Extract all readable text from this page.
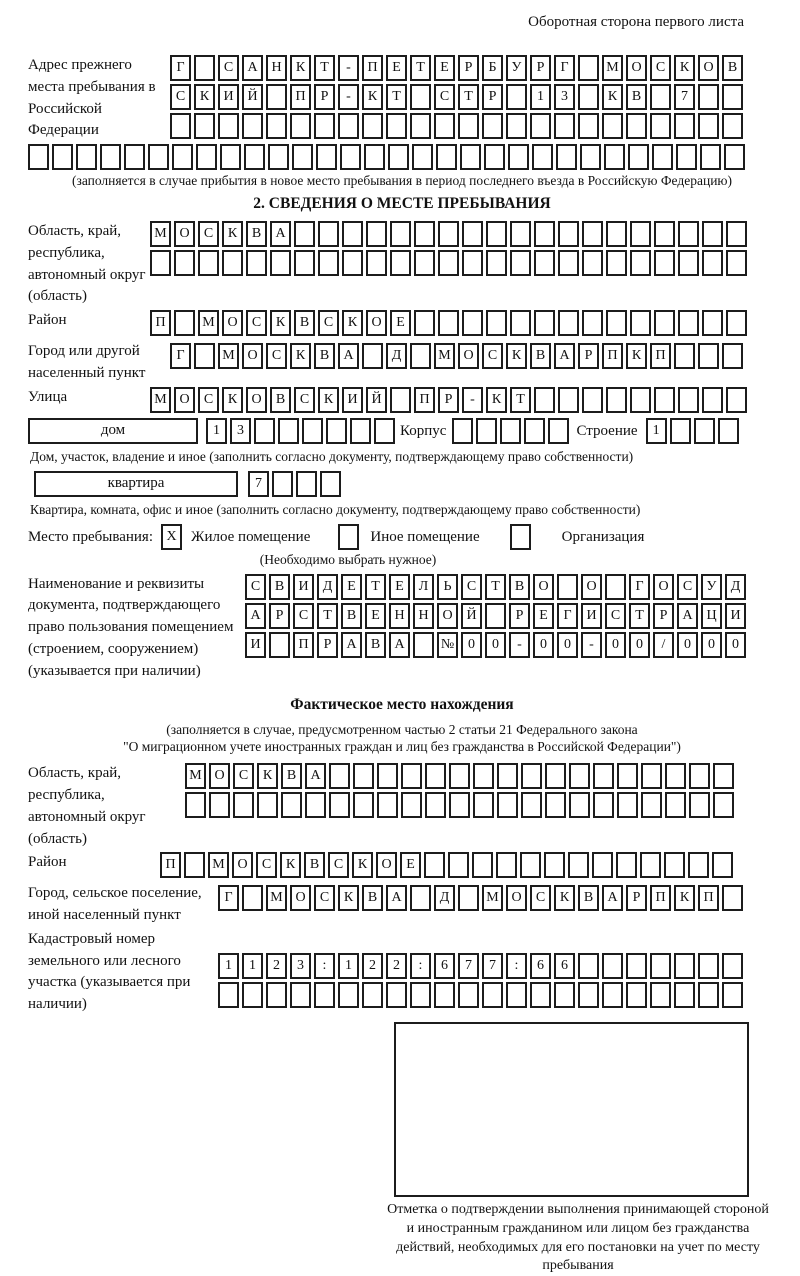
Оборотная сторона первого листа
Адрес прежнего места пребывания в Российской Федерации
Г	С	А Н	К	Т	-	П	Е	Т	Е	Р	Б	У	Р	Г	М О	С	К	О	В
С	К	И Й	П	Р	-	К	Т	С	Т	Р	1	3	К	В	7
(заполняется в случае прибытия в новое место пребывания в период последнего въезда в Российскую Федерацию)
2. СВЕДЕНИЯ О МЕСТЕ ПРЕБЫВАНИЯ
Область, край, республика, автономный округ (область)
М О	С	К	В	А
Район	П	М О	С	К	В	С	К	О	Е
Город или другой населенный пункт
Г	М О	С	К	В	А	Д	М О	С	К	В	А	Р	П	К	П
Улица	М О	С	К	О	В	С	К	И Й	П	Р	-	К	Т
дом	1	3	Корпус	Строение	1
Дом, участок, владение и иное (заполнить согласно документу, подтверждающему право собственности)
квартира	7
Квартира, комната, офис и иное (заполнить согласно документу, подтверждающему право собственности)
Место пребывания: X Жилое помещение	Иное помещение	Организация
(Необходимо выбрать нужное)
Наименование и реквизиты документа, подтверждающего право пользования помещением (строением, сооружением) (указывается при наличии)
С	В	И	Д	Е	Т	Е	Л	Ь	С	Т	В	О	О	Г	О	С	У	Д
А	Р	С	Т	В	Е	Н Н О Й	Р	Е	Г	И	С	Т	Р	А Ц И
И	П	Р	А	В	А	№ 0	0	-	0	0	-	0	0	/	0	0	0
Фактическое место нахождения
(заполняется в случае, предусмотренном частью 2 статьи 21 Федерального закона
"О миграционном учете иностранных граждан и лиц без гражданства в Российской Федерации")
Область, край, республика, автономный округ (область)
М О	С	К	В	А
Район	П	М О	С	К	В	С	К	О	Е
Город, сельское поселение, иной населенный пункт
Г	М О	С	К	В	А	Д	М О	С	К	В	А	Р	П	К	П
Кадастровый номер земельного или лесного участка (указывается при наличии)
1	1	2	3	:	1	2	2	:	6	7	7	:	6	6
Отметка о подтверждении выполнения принимающей стороной и иностранным гражданином или лицом без гражданства действий, необходимых для его постановки на учет по месту пребывания
